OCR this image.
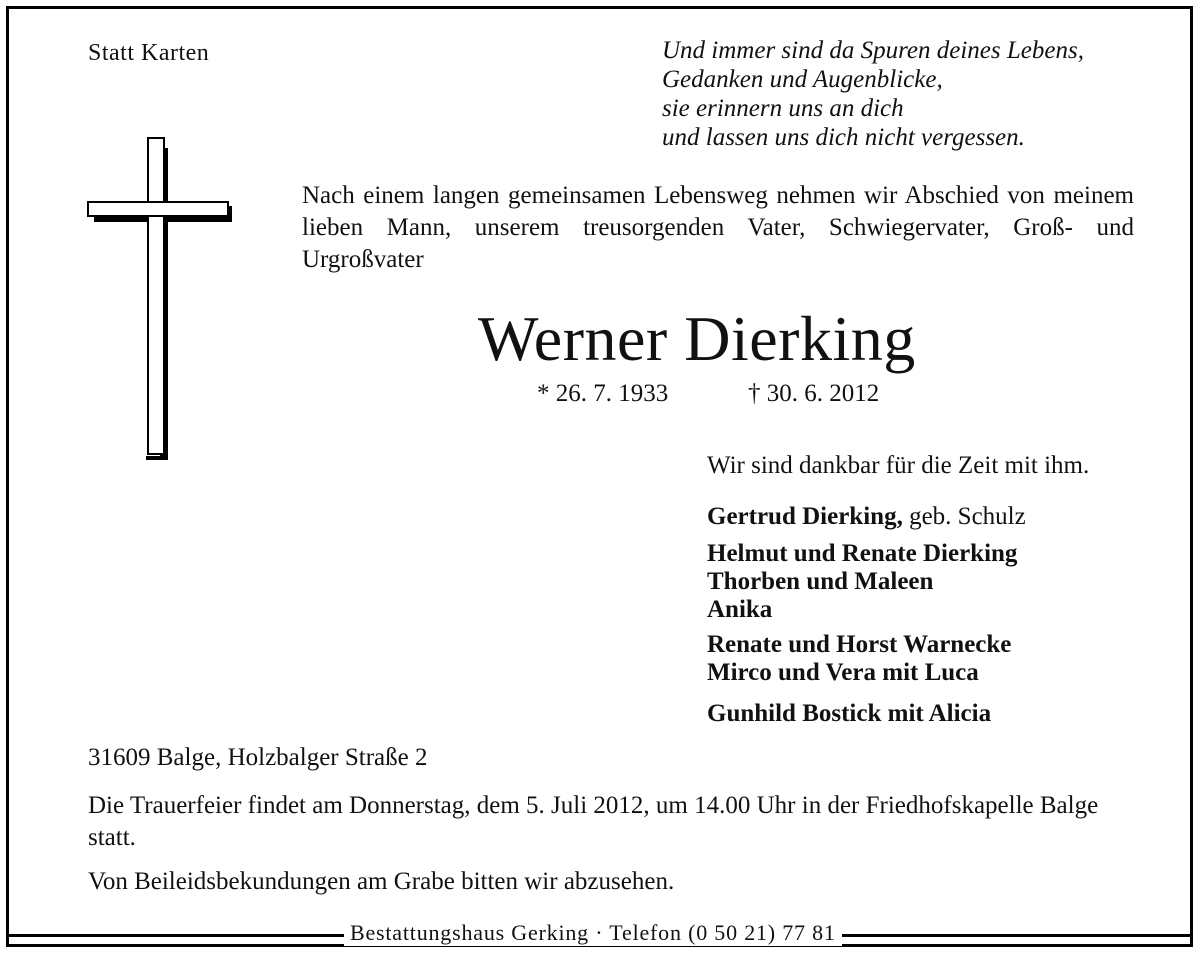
Statt Karten	Und immer sind da Spuren deines Lebens,
Gedanken und Augenblicke,
sie erinnern uns an dich
und lassen uns dich nicht vergessen.
Nach einem langen gemeinsamen Lebensweg nehmen wir Abschied von meinem lieben Mann, unserem treusorgenden Vater, Schwiegervater, Groß- und Urgroßvater
Werner Dierking
* 26. 7. 1933	† 30. 6. 2012
Wir sind dankbar für die Zeit mit ihm.
Gertrud Dierking, geb. Schulz
Helmut und Renate Dierking
Thorben und Maleen
Anika
Renate und Horst Warnecke
Mirco und Vera mit Luca
Gunhild Bostick mit Alicia
31609 Balge, Holzbalger Straße 2
Die Trauerfeier findet am Donnerstag, dem 5. Juli 2012, um 14.00 Uhr in der Friedhofskapelle Balge statt.
Von Beileidsbekundungen am Grabe bitten wir abzusehen.
Bestattungshaus Gerking · Telefon (0 50 21) 77 81
